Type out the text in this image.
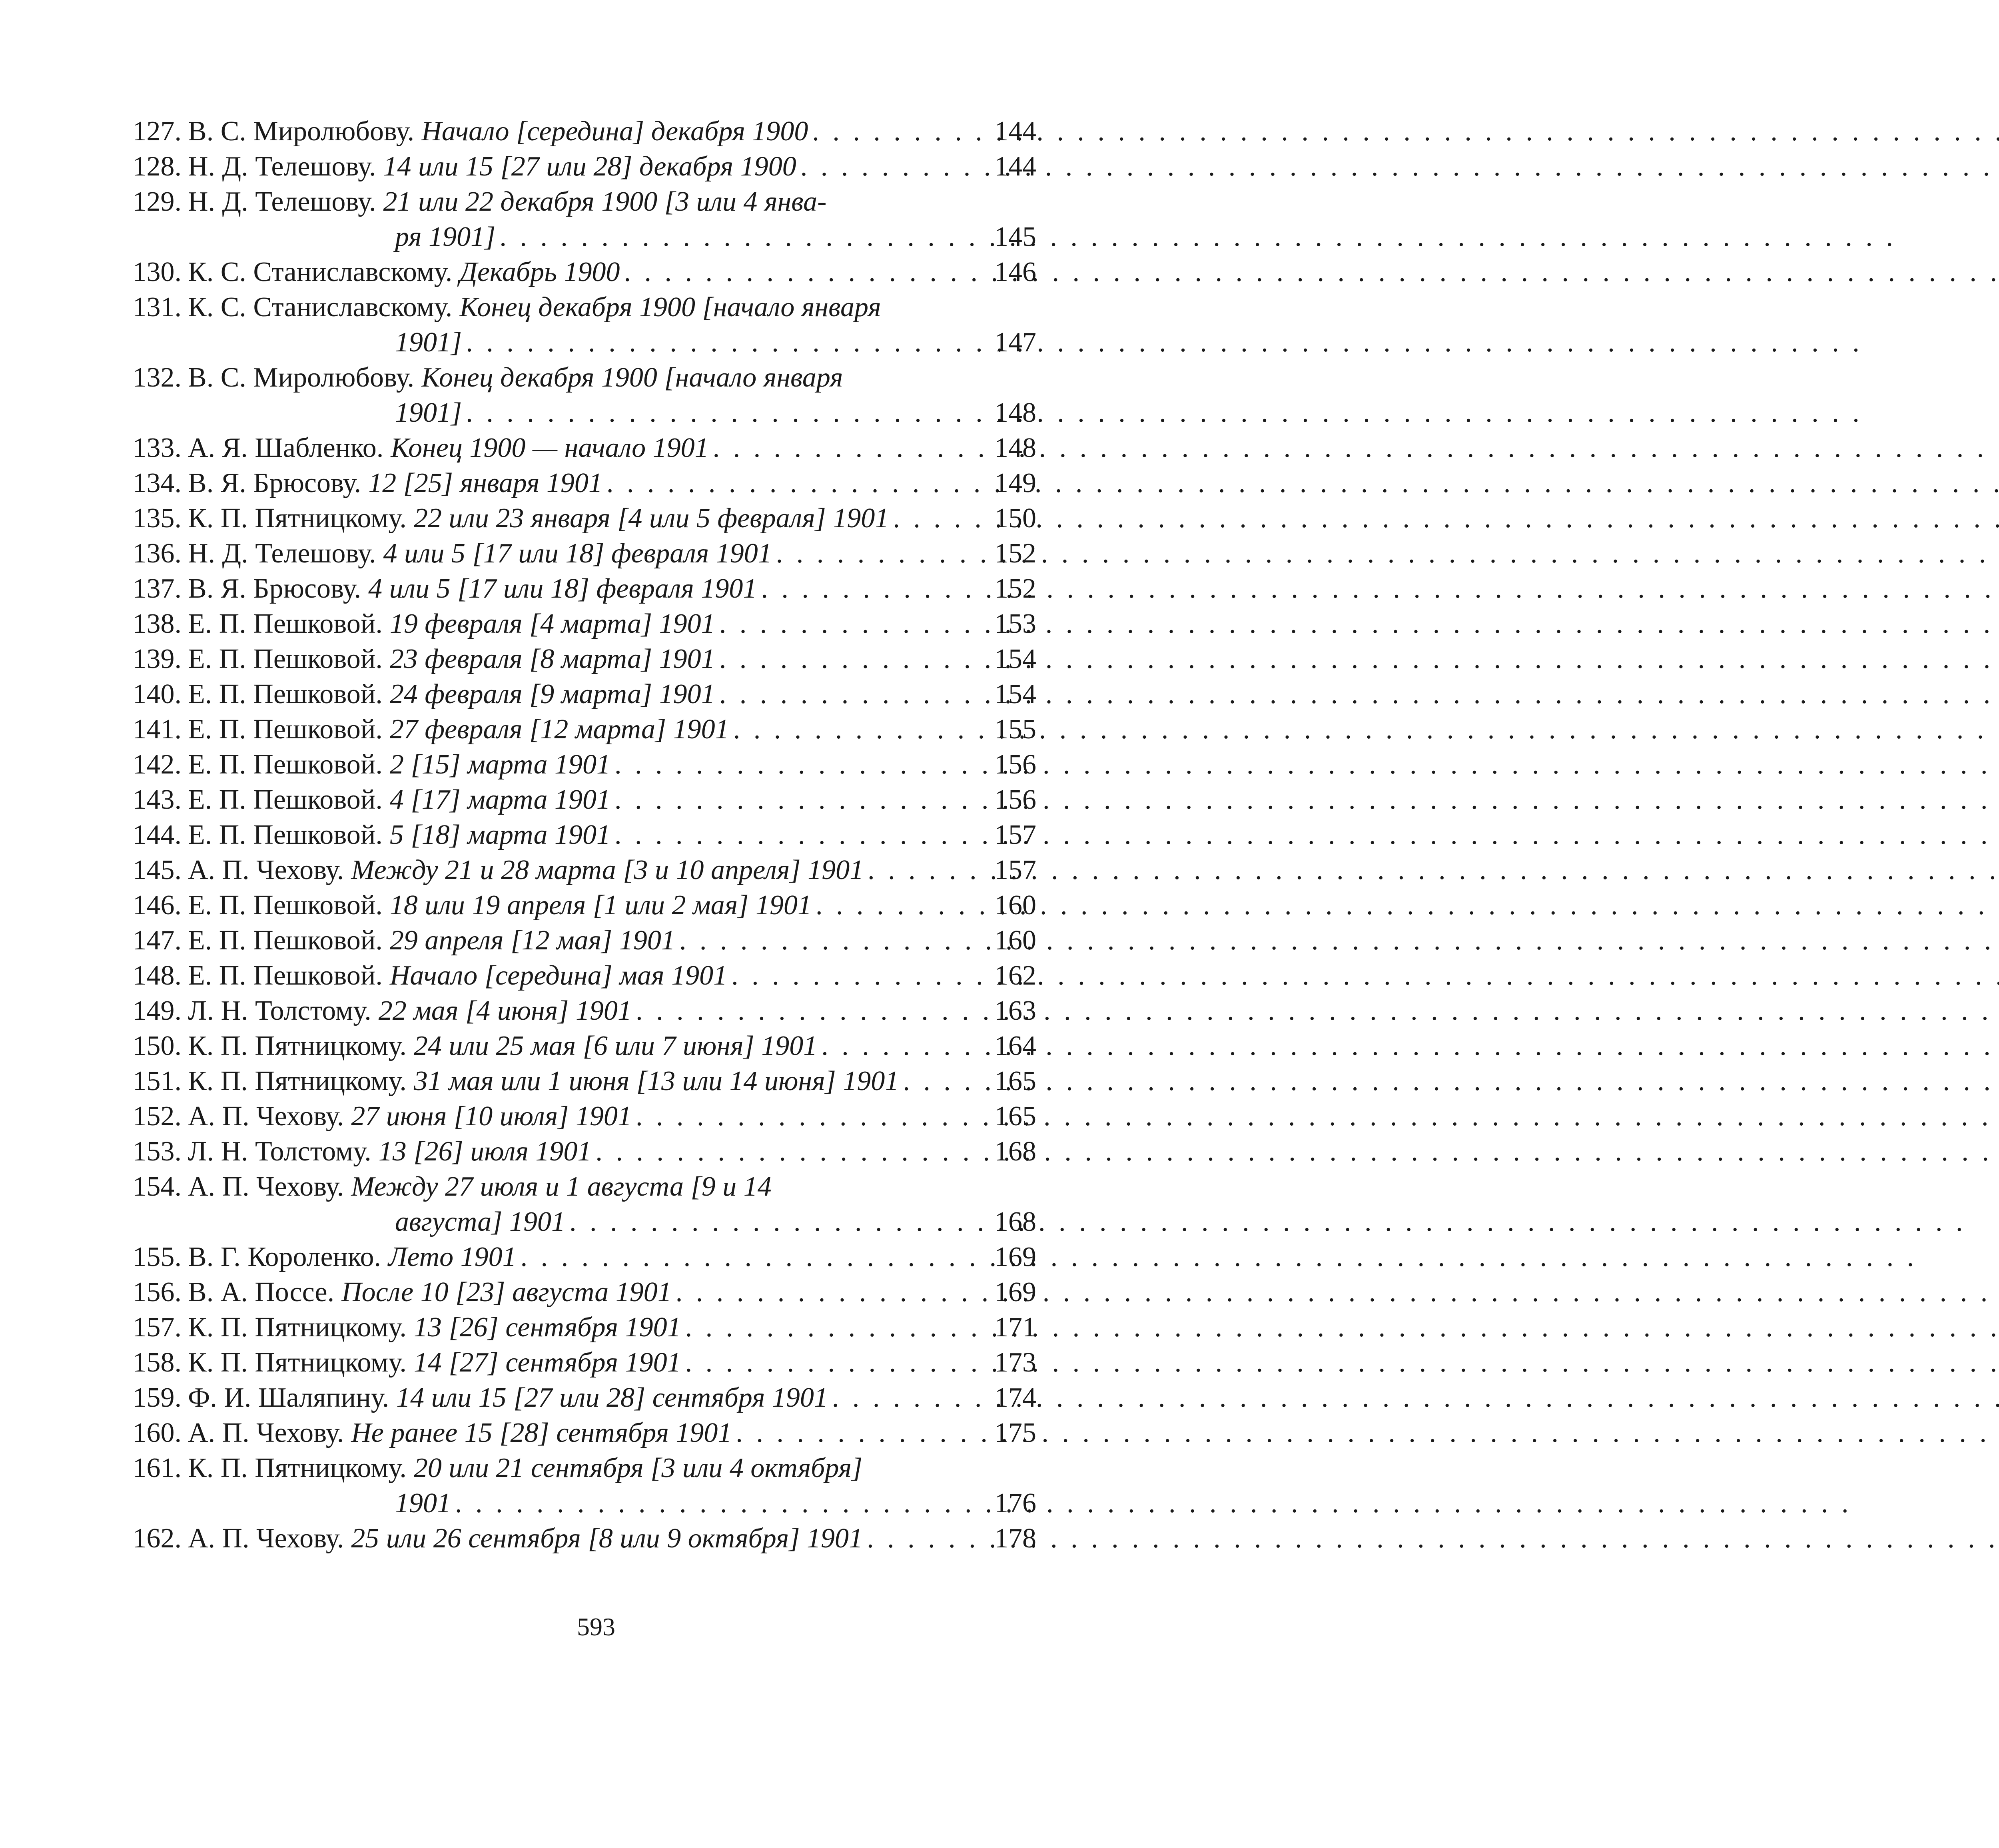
127. В. С. Миролюбову. Начало [середина] декабря 1900 . . .	144
128. Н. Д. Телешову. 14 или 15 [27 или 28] декабря 1900 . . .	144
129. Н. Д. Телешову. 21 или 22 декабря 1900 [3 или 4 янва-
ря 1901] . . .	145
130. К. С. Станиславскому. Декабрь 1900 . . .	146
131. К. С. Станиславскому. Конец декабря 1900 [начало января
1901] . . .	147
132. В. С. Миролюбову. Конец декабря 1900 [начало января
1901] . . .	148
133. А. Я. Шабленко. Конец 1900 — начало 1901 . . .	148
134. В. Я. Брюсову. 12 [25] января 1901 . . .	149
135. К. П. Пятницкому. 22 или 23 января [4 или 5 февраля] 1901 . . .	150
136. Н. Д. Телешову. 4 или 5 [17 или 18] февраля 1901 . . .	152
137. В. Я. Брюсову. 4 или 5 [17 или 18] февраля 1901 . . .	152
138. Е. П. Пешковой. 19 февраля [4 марта] 1901 . . .	153
139. Е. П. Пешковой. 23 февраля [8 марта] 1901 . . .	154
140. Е. П. Пешковой. 24 февраля [9 марта] 1901 . . .	154
141. Е. П. Пешковой. 27 февраля [12 марта] 1901 . . .	155
142. Е. П. Пешковой. 2 [15] марта 1901 . . .	156
143. Е. П. Пешковой. 4 [17] марта 1901 . . .	156
144. Е. П. Пешковой. 5 [18] марта 1901 . . .	157
145. А. П. Чехову. Между 21 и 28 марта [3 и 10 апреля] 1901 . . .	157
146. Е. П. Пешковой. 18 или 19 апреля [1 или 2 мая] 1901 . . .	160
147. Е. П. Пешковой. 29 апреля [12 мая] 1901 . . .	160
148. Е. П. Пешковой. Начало [середина] мая 1901 . . .	162
149. Л. Н. Толстому. 22 мая [4 июня] 1901 . . .	163
150. К. П. Пятницкому. 24 или 25 мая [6 или 7 июня] 1901 . . .	164
151. К. П. Пятницкому. 31 мая или 1 июня [13 или 14 июня] 1901 . . .	165
152. А. П. Чехову. 27 июня [10 июля] 1901 . . .	165
153. Л. Н. Толстому. 13 [26] июля 1901 . . .	168
154. А. П. Чехову. Между 27 июля и 1 августа [9 и 14
августа] 1901 . . .	168
155. В. Г. Короленко. Лето 1901 . . .	169
156. В. А. Поссе. После 10 [23] августа 1901 . . .	169
157. К. П. Пятницкому. 13 [26] сентября 1901 . . .	171
158. К. П. Пятницкому. 14 [27] сентября 1901 . . .	173
159. Ф. И. Шаляпину. 14 или 15 [27 или 28] сентября 1901 . . .	174
160. А. П. Чехову. Не ранее 15 [28] сентября 1901 . . .	175
161. К. П. Пятницкому. 20 или 21 сентября [3 или 4 октября]
1901 . . .	176
162. А. П. Чехову. 25 или 26 сентября [8 или 9 октября] 1901 . . .	178
593
